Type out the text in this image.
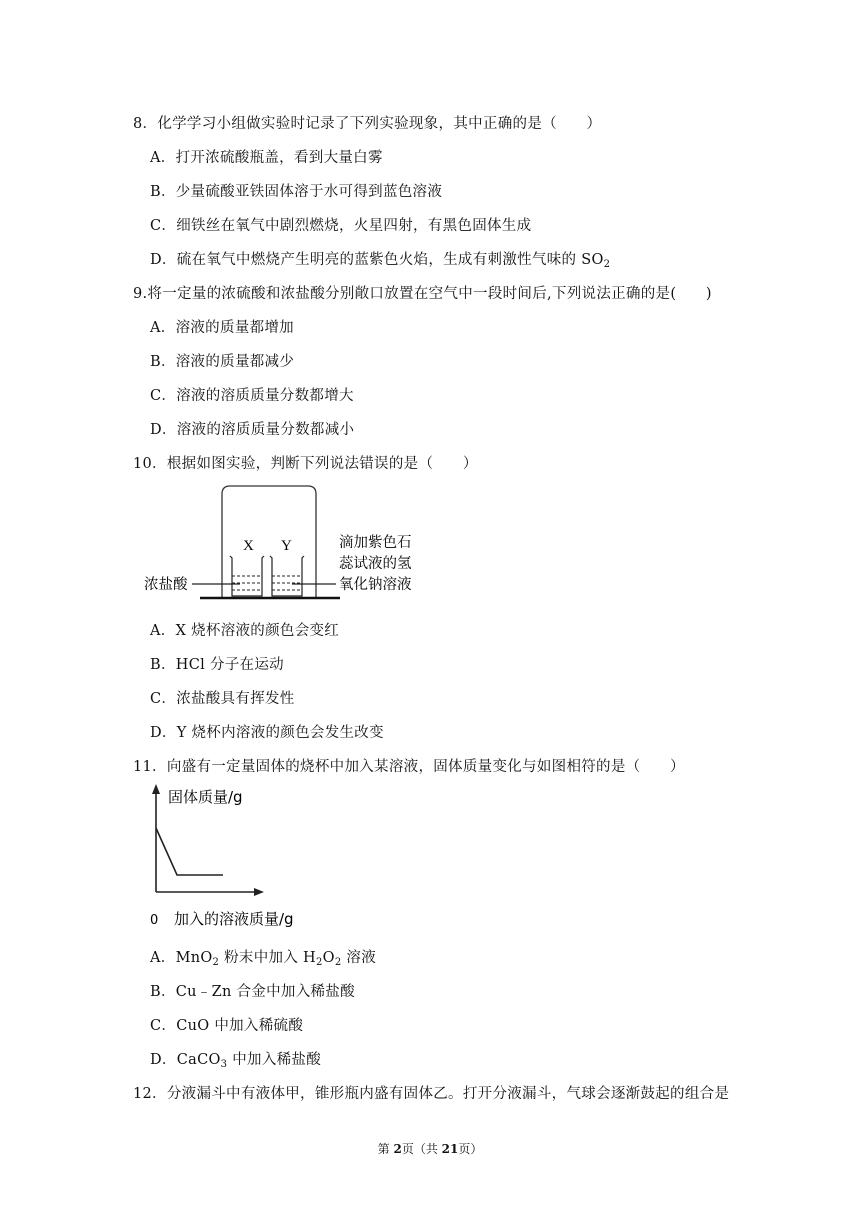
8．化学学习小组做实验时记录了下列实验现象，其中正确的是（　　）
A．打开浓硫酸瓶盖，看到大量白雾
B．少量硫酸亚铁固体溶于水可得到蓝色溶液
C．细铁丝在氧气中剧烈燃烧，火星四射，有黑色固体生成
D．硫在氧气中燃烧产生明亮的蓝紫色火焰，生成有刺激性气味的 $SO_2$
9.将一定量的浓硫酸和浓盐酸分别敞口放置在空气中一段时间后,下列说法正确的是(　　)
A．溶液的质量都增加
B．溶液的质量都减少
C．溶液的溶质质量分数都增大
D．溶液的溶质质量分数都减小
10．根据如图实验，判断下列说法错误的是（　　）
X Y
浓盐酸
滴加紫色石
蕊试液的氢
氧化钠溶液
A．X 烧杯溶液的颜色会变红
B．HCl 分子在运动
C．浓盐酸具有挥发性
D．Y 烧杯内溶液的颜色会发生改变
11．向盛有一定量固体的烧杯中加入某溶液，固体质量变化与如图相符的是（　　）
固体质量/g
0 加入的溶液质量/g
A．MnO$_2$ 粉末中加入 $H_2O_2$ 溶液
B．Cu﹣Zn 合金中加入稀盐酸
C．CuO 中加入稀硫酸
D．CaCO$_3$ 中加入稀盐酸
12．分液漏斗中有液体甲，锥形瓶内盛有固体乙。打开分液漏斗，气球会逐渐鼓起的组合是
第 2页（共 21页）
